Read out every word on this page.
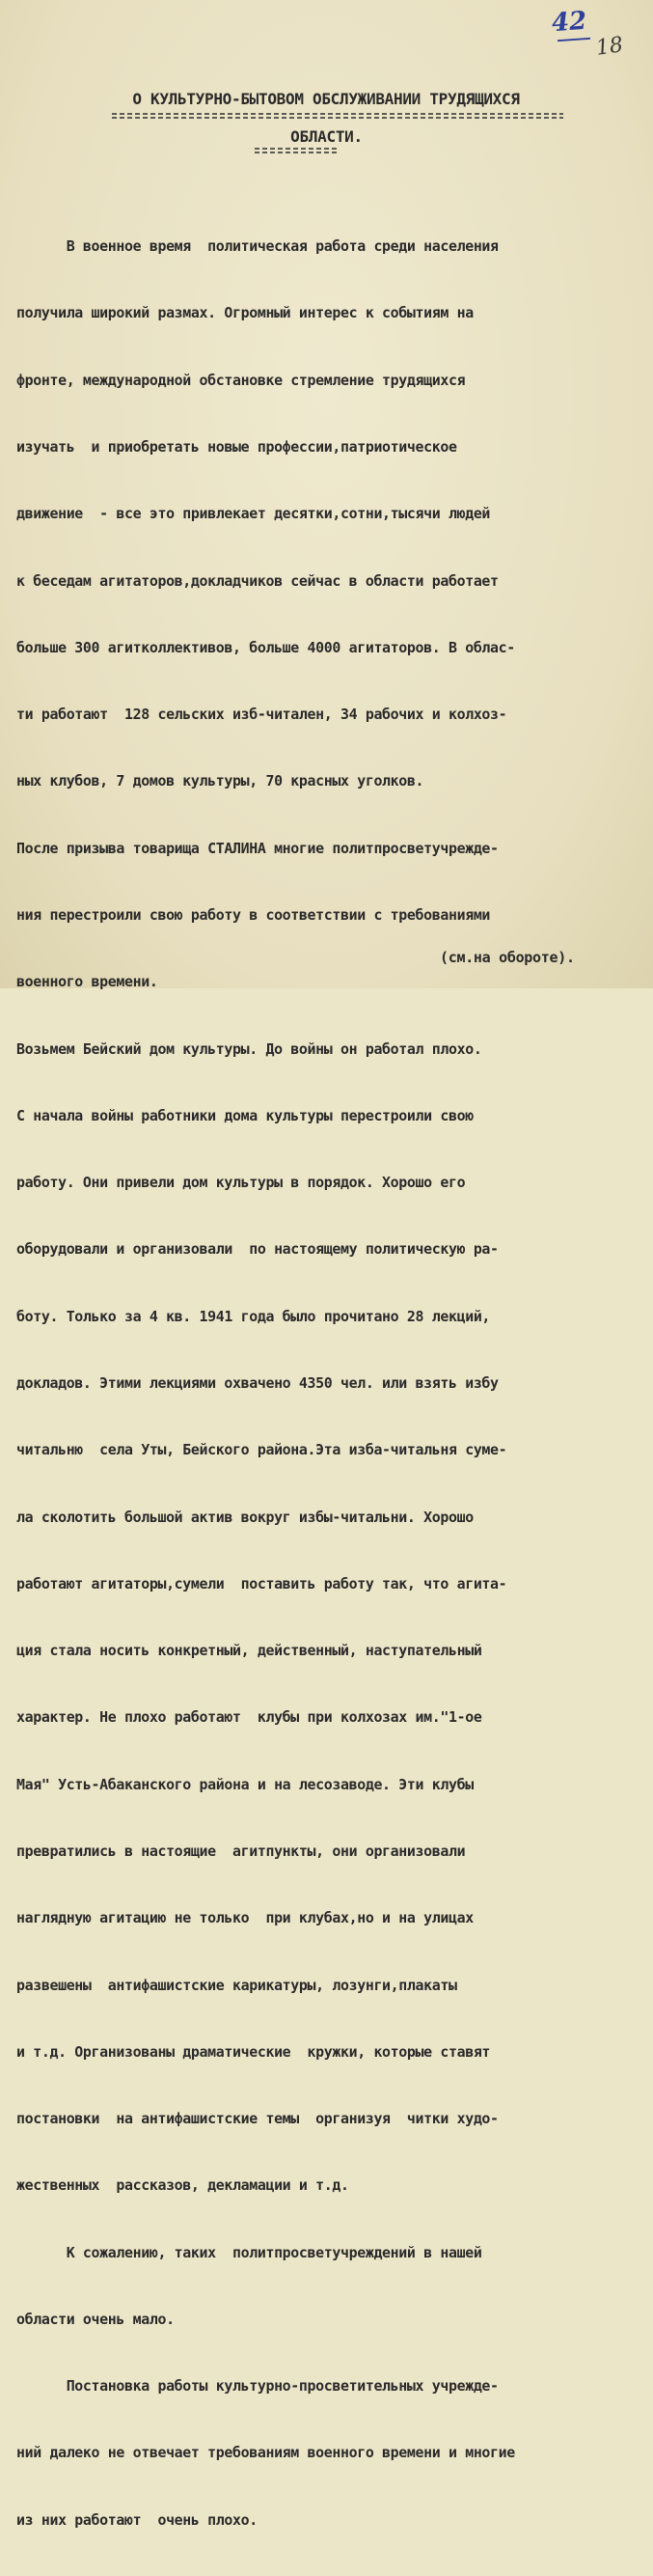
42
18
О КУЛЬТУРНО-БЫТОВОМ ОБСЛУЖИВАНИИ ТРУДЯЩИХСЯ
ОБЛАСТИ.

В военное время  политическая работа среди населения

получила широкий размах. Огромный интерес к событиям на

фронте, международной обстановке стремление трудящихся

изучать  и приобретать новые профессии,патриотическое

движение  - все это привлекает десятки,сотни,тысячи людей

к беседам агитаторов,докладчиков сейчас в области работает

больше 300 агитколлективов, больше 4000 агитаторов. В облас-

ти работают  128 сельских изб-читален, 34 рабочих и колхоз-

ных клубов, 7 домов культуры, 70 красных уголков.

После призыва товарища СТАЛИНА многие политпросветучрежде-

ния перестроили свою работу в соответствии с требованиями

военного времени.

Возьмем Бейский дом культуры. До войны он работал плохо.

С начала войны работники дома культуры перестроили свою

работу. Они привели дом культуры в порядок. Хорошо его

оборудовали и организовали  по настоящему политическую ра-

боту. Только за 4 кв. 1941 года было прочитано 28 лекций,

докладов. Этими лекциями охвачено 4350 чел. или взять избу

читальню  села Уты, Бейского района.Эта изба-читальня суме-

ла сколотить большой актив вокруг избы-читальни. Хорошо

работают агитаторы,сумели  поставить работу так, что агита-

ция стала носить конкретный, действенный, наступательный

характер. Не плохо работают  клубы при колхозах им."1-ое

Мая" Усть-Абаканского района и на лесозаводе. Эти клубы

превратились в настоящие  агитпункты, они организовали

наглядную агитацию не только  при клубах,но и на улицах

развешены  антифашистские карикатуры, лозунги,плакаты

и т.д. Организованы драматические  кружки, которые ставят

постановки  на антифашистские темы  организуя  читки худо-

жественных  рассказов, декламации и т.д.

К сожалению, таких  политпросветучреждений в нашей

области очень мало.

Постановка работы культурно-просветительных учрежде-

ний далеко не отвечает требованиям военного времени и многие

из них работают  очень плохо.

(см.на обороте).
